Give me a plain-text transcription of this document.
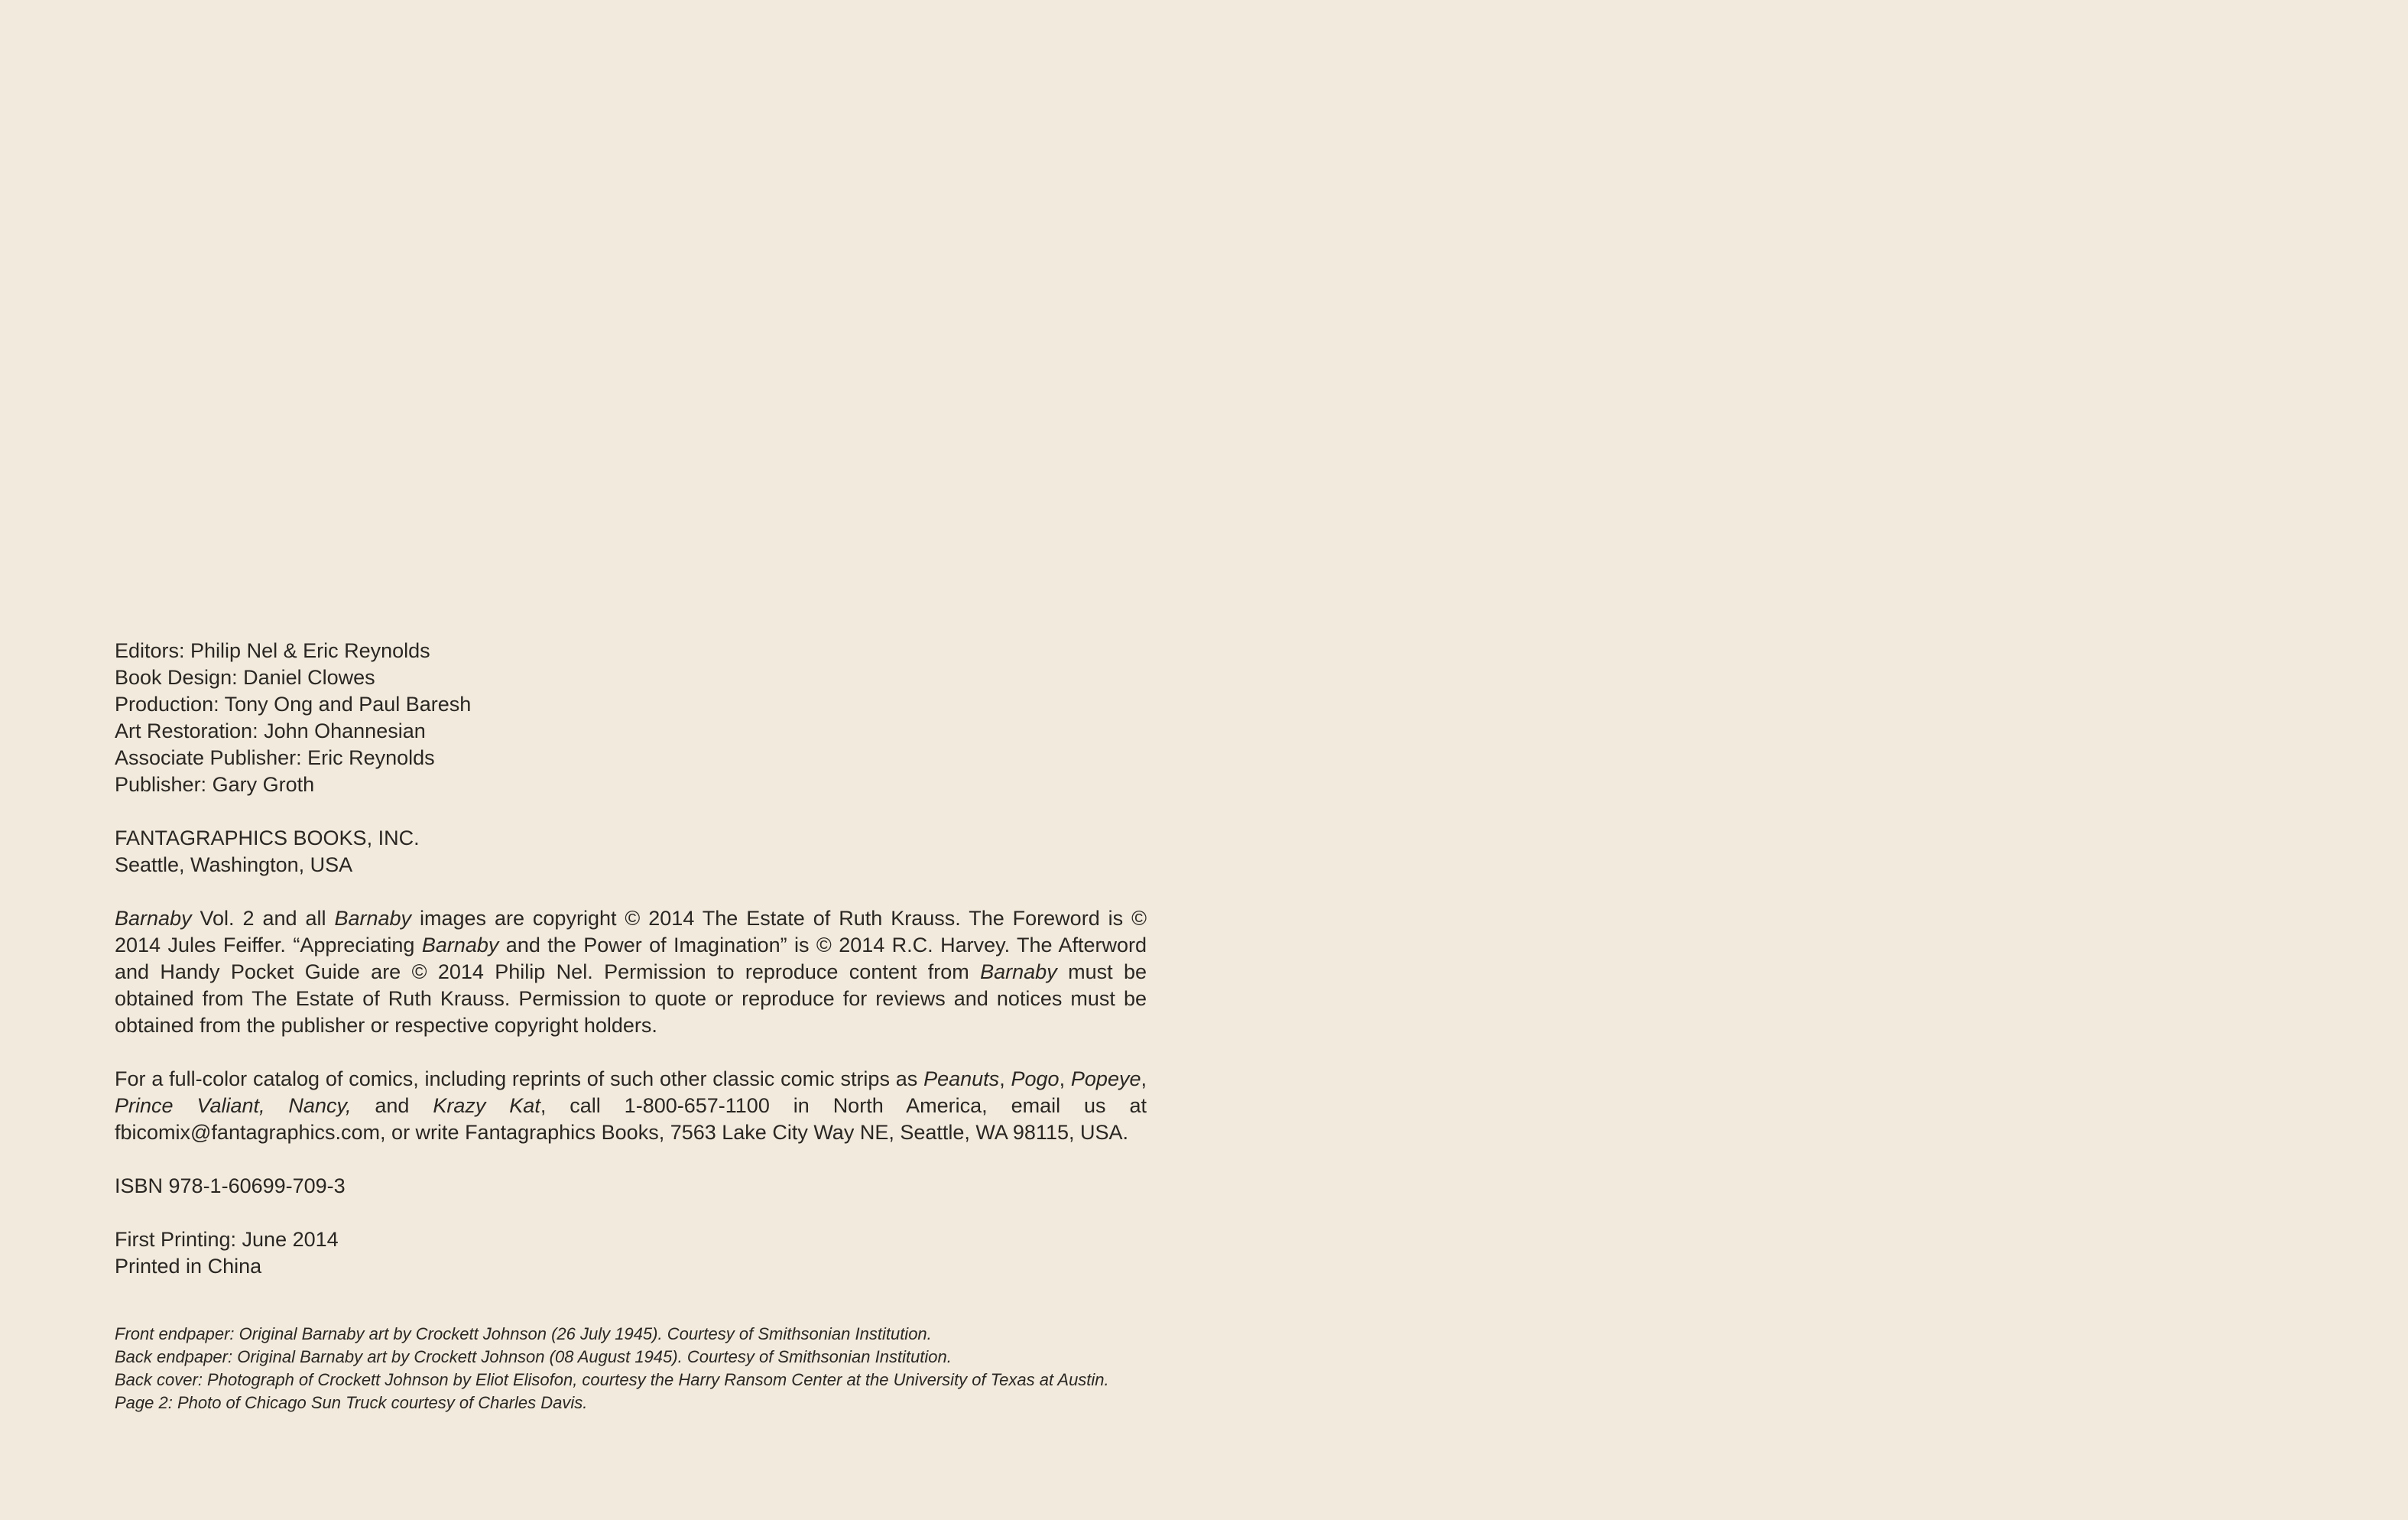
Editors: Philip Nel & Eric Reynolds
Book Design: Daniel Clowes
Production: Tony Ong and Paul Baresh
Art Restoration: John Ohannesian
Associate Publisher: Eric Reynolds
Publisher: Gary Groth
FANTAGRAPHICS BOOKS, INC.
Seattle, Washington, USA

Barnaby Vol. 2 and all Barnaby images are copyright © 2014 The Estate of Ruth Krauss. The Foreword is © 2014 Jules Feiffer. “Appreciating Barnaby and the Power of Imagination” is © 2014 R.C. Harvey. The Afterword and Handy Pocket Guide are © 2014 Philip Nel. Permission to reproduce content from Barnaby must be obtained from The Estate of Ruth Krauss. Permission to quote or reproduce for reviews and notices must be obtained from the publisher or respective copyright holders.

For a full-color catalog of comics, including reprints of such other classic comic strips as Peanuts, Pogo, Popeye, Prince Valiant, Nancy, and Krazy Kat, call 1-800-657-1100 in North America, email us at fbicomix@fantagraphics.com, or write Fantagraphics Books, 7563 Lake City Way NE, Seattle, WA 98115, USA.

ISBN 978-1-60699-709-3
First Printing: June 2014
Printed in China
Front endpaper: Original Barnaby art by Crockett Johnson (26 July 1945). Courtesy of Smithsonian Institution.
Back endpaper: Original Barnaby art by Crockett Johnson (08 August 1945). Courtesy of Smithsonian Institution.
Back cover: Photograph of Crockett Johnson by Eliot Elisofon, courtesy the Harry Ransom Center at the University of Texas at Austin.
Page 2: Photo of Chicago Sun Truck courtesy of Charles Davis.
